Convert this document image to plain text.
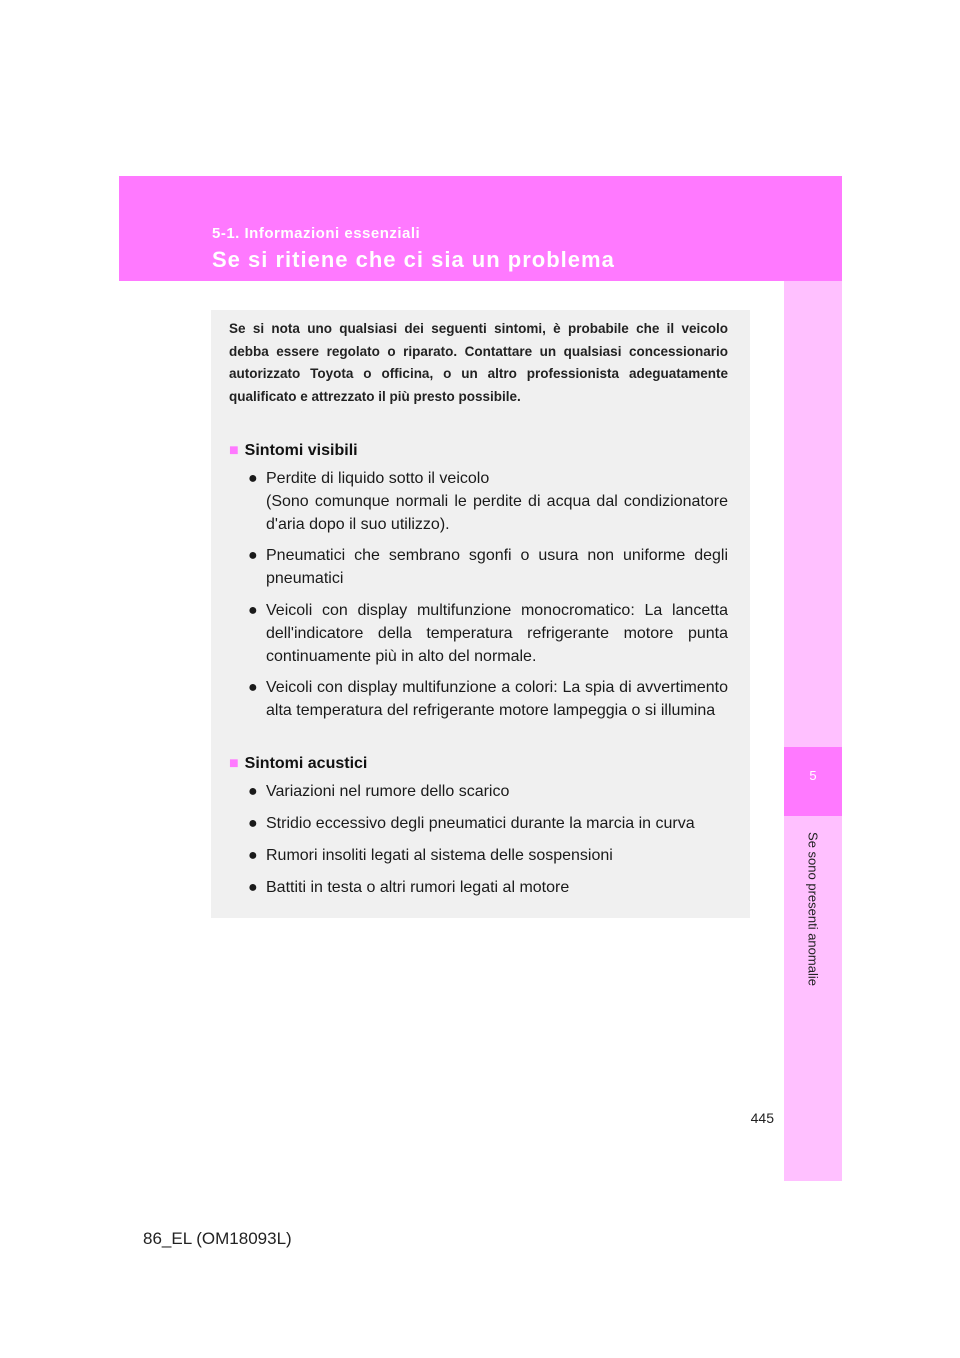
5-1. Informazioni essenziali
Se si ritiene che ci sia un problema
5
Se sono presenti anomalie
Se si nota uno qualsiasi dei seguenti sintomi, è probabile che il veicolo debba essere regolato o riparato. Contattare un qualsiasi concessionario autorizzato Toyota o officina, o un altro professionista adeguatamente qualificato e attrezzato il più presto possibile.
■ Sintomi visibili
● Perdite di liquido sotto il veicolo
(Sono comunque normali le perdite di acqua dal condizionatore d'aria dopo il suo utilizzo).
● Pneumatici che sembrano sgonfi o usura non uniforme degli pneumatici
● Veicoli con display multifunzione monocromatico: La lancetta dell'indicatore della temperatura refrigerante motore punta continuamente più in alto del normale.
● Veicoli con display multifunzione a colori: La spia di avvertimento alta temperatura del refrigerante motore lampeggia o si illumina
■ Sintomi acustici
● Variazioni nel rumore dello scarico
● Stridio eccessivo degli pneumatici durante la marcia in curva
● Rumori insoliti legati al sistema delle sospensioni
● Battiti in testa o altri rumori legati al motore
445
86_EL (OM18093L)
